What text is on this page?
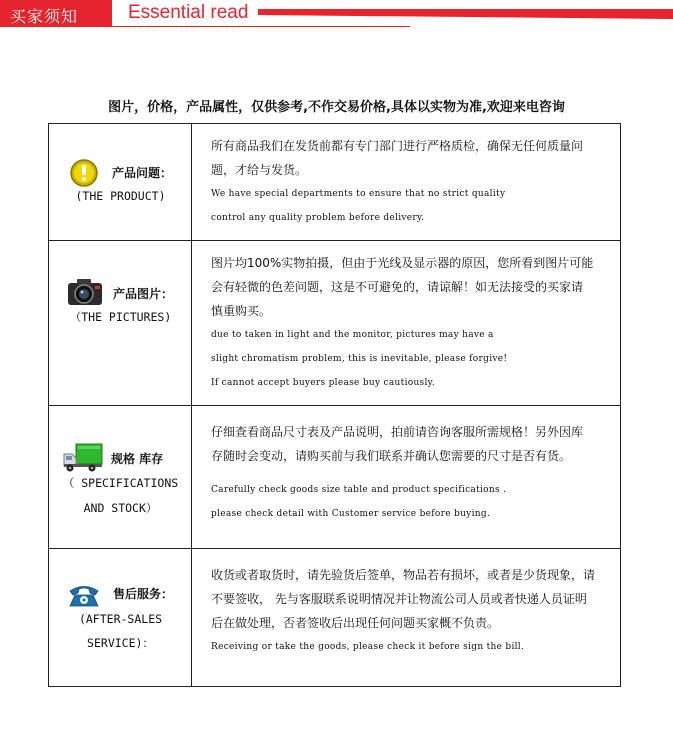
买家须知	Essential read
图片，价格，产品属性，仅供参考,不作交易价格,具体以实物为准,欢迎来电咨询
产品问题：
(THE PRODUCT)
所有商品我们在发货前都有专门部门进行严格质检，确保无任何质量问
题，才给与发货。
We have special departments to ensure that no strict quality
control any quality problem before delivery.
产品图片：
（THE PICTURES)
图片均100%实物拍摄，但由于光线及显示器的原因，您所看到图片可能
会有轻微的色差问题，这是不可避免的，请谅解！如无法接受的买家请
慎重购买。
due to taken in light and the monitor, pictures may have a
slight chromatism problem, this is inevitable, please forgive!
If cannot accept buyers please buy cautiously.
规格 库存
（ SPECIFICATIONS
AND STOCK）
仔细查看商品尺寸表及产品说明，拍前请咨询客服所需规格！另外因库
存随时会变动，请购买前与我们联系并确认您需要的尺寸是否有货。
Carefully check goods size table and product specifications .
please check detail with Customer service before buying.
售后服务：
(AFTER-SALES
SERVICE)：
收货或者取货时，请先验货后签单，物品若有损坏，或者是少货现象，请
不要签收， 先与客服联系说明情况并让物流公司人员或者快递人员证明
后在做处理，否者签收后出现任何问题买家概不负责。
Receiving or take the goods, please check it before sign the bill.
